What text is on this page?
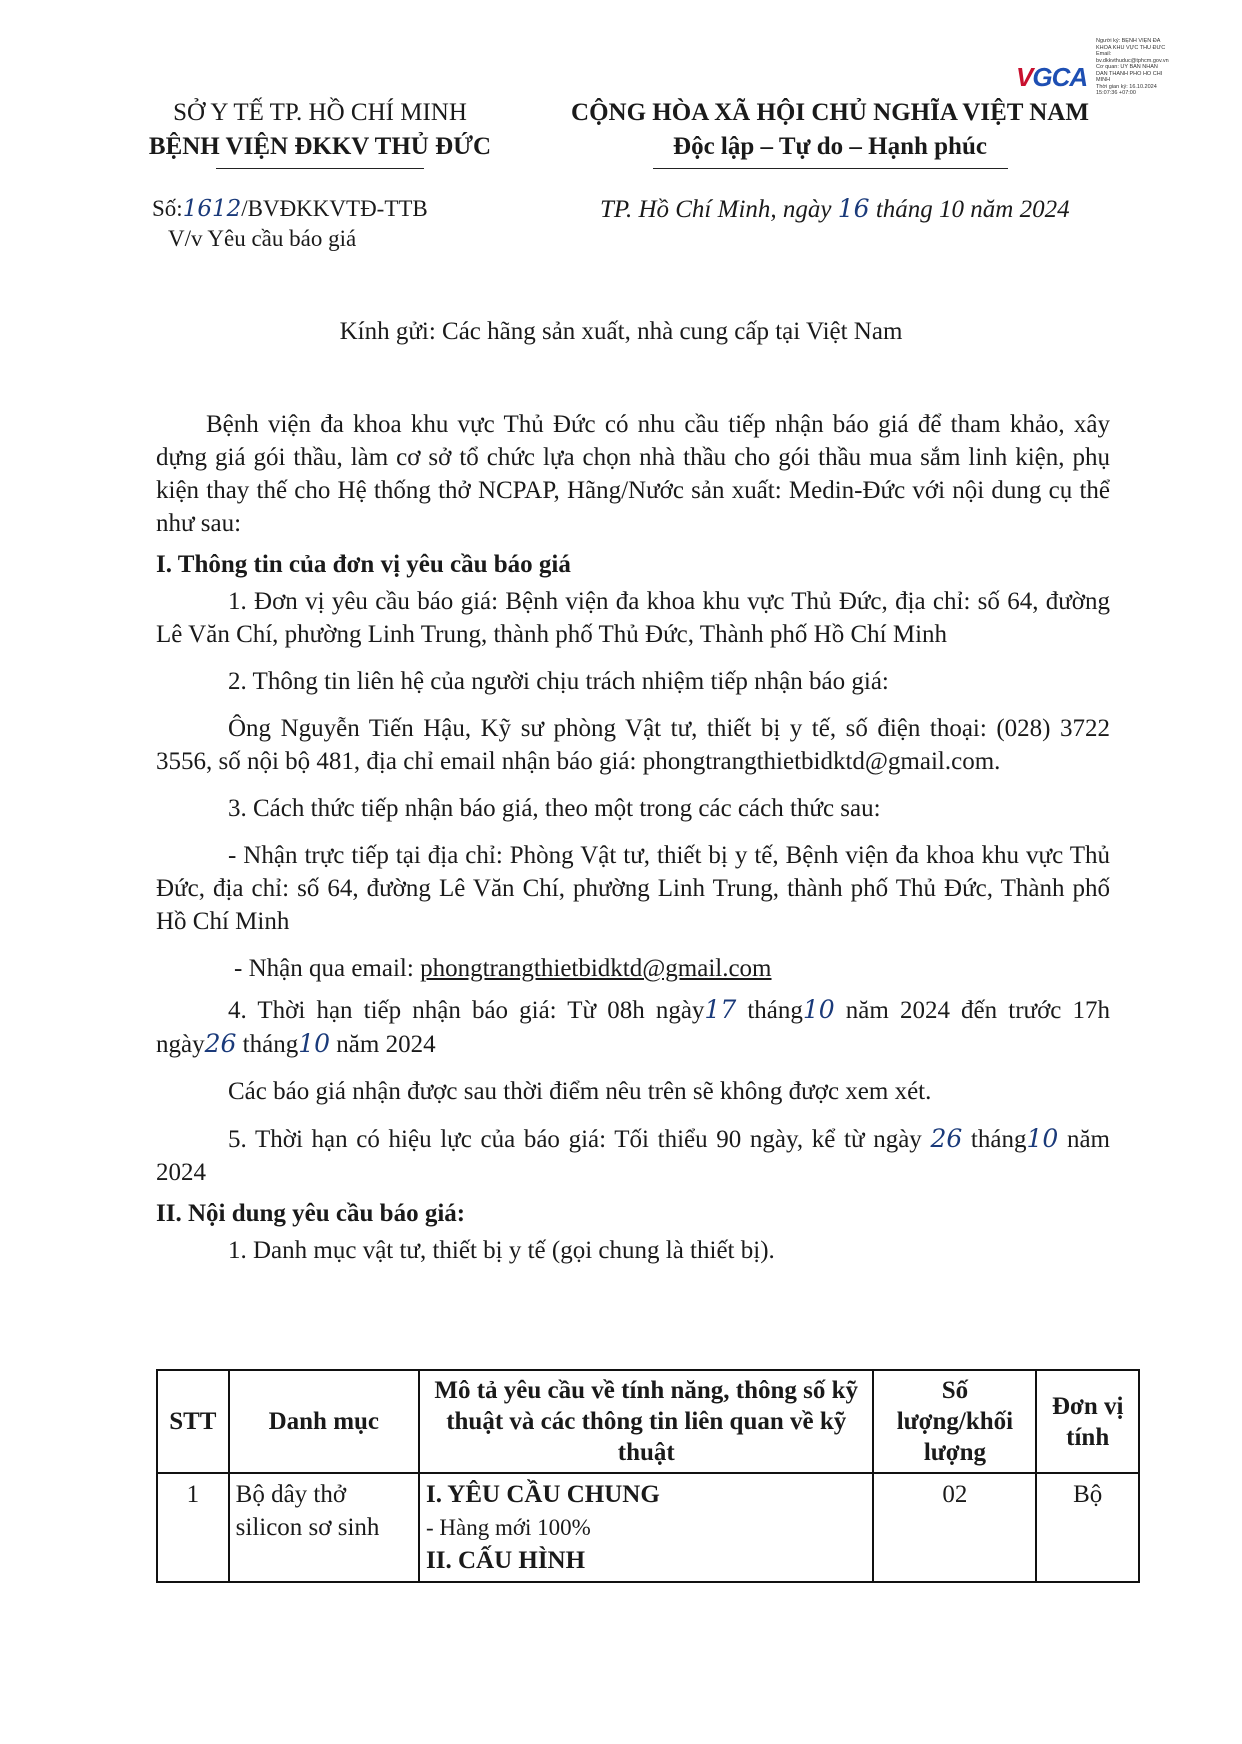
VGCA
Người ký: BỆNH VIỆN ĐA
KHOA KHU VỰC THỦ ĐỨC
Email:
bv.dkkvthuduc@tphcm.gov.vn
Cơ quan: ỦY BAN NHÂN
DÂN THÀNH PHỐ HỒ CHÍ
MINH
Thời gian ký: 16.10.2024
15:07:36 +07:00
SỞ Y TẾ TP. HỒ CHÍ MINH
BỆNH VIỆN ĐKKV THỦ ĐỨC
CỘNG HÒA XÃ HỘI CHỦ NGHĨA VIỆT NAM
Độc lập – Tự do – Hạnh phúc
Số:1612/BVĐKKVTĐ-TTB
V/v Yêu cầu báo giá
TP. Hồ Chí Minh, ngày 16 tháng 10 năm 2024
Kính gửi: Các hãng sản xuất, nhà cung cấp tại Việt Nam

Bệnh viện đa khoa khu vực Thủ Đức có nhu cầu tiếp nhận báo giá để tham khảo, xây dựng giá gói thầu, làm cơ sở tổ chức lựa chọn nhà thầu cho gói thầu mua sắm linh kiện, phụ kiện thay thế cho Hệ thống thở NCPAP, Hãng/Nước sản xuất: Medin-Đức với nội dung cụ thể như sau:

I. Thông tin của đơn vị yêu cầu báo giá

1. Đơn vị yêu cầu báo giá: Bệnh viện đa khoa khu vực Thủ Đức, địa chỉ: số 64, đường Lê Văn Chí, phường Linh Trung, thành phố Thủ Đức, Thành phố Hồ Chí Minh

2. Thông tin liên hệ của người chịu trách nhiệm tiếp nhận báo giá:

Ông Nguyễn Tiến Hậu, Kỹ sư phòng Vật tư, thiết bị y tế, số điện thoại: (028) 3722 3556, số nội bộ 481, địa chỉ email nhận báo giá: phongtrangthietbidktd@gmail.com.

3. Cách thức tiếp nhận báo giá, theo một trong các cách thức sau:

- Nhận trực tiếp tại địa chỉ: Phòng Vật tư, thiết bị y tế, Bệnh viện đa khoa khu vực Thủ Đức, địa chỉ: số 64, đường Lê Văn Chí, phường Linh Trung, thành phố Thủ Đức, Thành phố Hồ Chí Minh

- Nhận qua email: phongtrangthietbidktd@gmail.com

4. Thời hạn tiếp nhận báo giá: Từ 08h ngày17 tháng10 năm 2024 đến trước 17h ngày26 tháng10 năm 2024

Các báo giá nhận được sau thời điểm nêu trên sẽ không được xem xét.

5. Thời hạn có hiệu lực của báo giá: Tối thiểu 90 ngày, kể từ ngày 26 tháng10 năm 2024

II. Nội dung yêu cầu báo giá:

1. Danh mục vật tư, thiết bị y tế (gọi chung là thiết bị).

STT	Danh mục	Mô tả yêu cầu về tính năng, thông số kỹ thuật và các thông tin liên quan về kỹ thuật	Số lượng/khối lượng	Đơn vị tính
1	Bộ dây thở silicon sơ sinh	I. YÊU CẦU CHUNG
- Hàng mới 100%
II. CẤU HÌNH	02	Bộ
